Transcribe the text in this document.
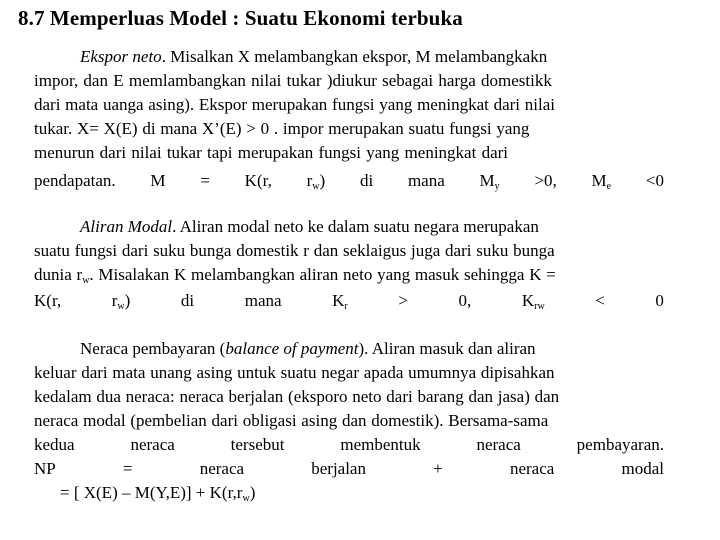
8.7 Memperluas Model : Suatu Ekonomi terbuka
Ekspor neto. Misalkan X melambangkan ekspor, M melambangkakn
impor, dan E memlambangkan nilai tukar )diukur sebagai harga domestikk
dari mata uanga asing). Ekspor merupakan fungsi yang meningkat dari nilai
tukar. X= X(E) di mana X’(E) > 0 . impor merupakan suatu fungsi yang
menurun dari nilai tukar tapi merupakan fungsi yang meningkat dari
pendapatan. M = K(r, $r_w$) di mana $M_y >0$, $M_e <0$
Aliran Modal. Aliran modal neto ke dalam suatu negara merupakan
suatu fungsi dari suku bunga domestik r dan seklaigus juga dari suku bunga
dunia $r_w$. Misalakan K melambangkan aliran neto yang masuk sehingga K =
K(r,	$r_w$)	di	mana	$K_r$	>	0,	$K_{rw}$	<	0
Neraca pembayaran (balance of payment). Aliran masuk dan aliran
keluar dari mata unang asing untuk suatu negar apada umumnya dipisahkan
kedalam dua neraca: neraca berjalan (eksporo neto dari barang dan jasa) dan
neraca modal (pembelian dari obligasi asing dan domestik). Bersama-sama
kedua	neraca	tersebut	membentuk	neraca	pembayaran.
NP	=	neraca	berjalan	+	neraca	modal
= [ $X(E) - M(Y,E)] + K(r,r_w)$
